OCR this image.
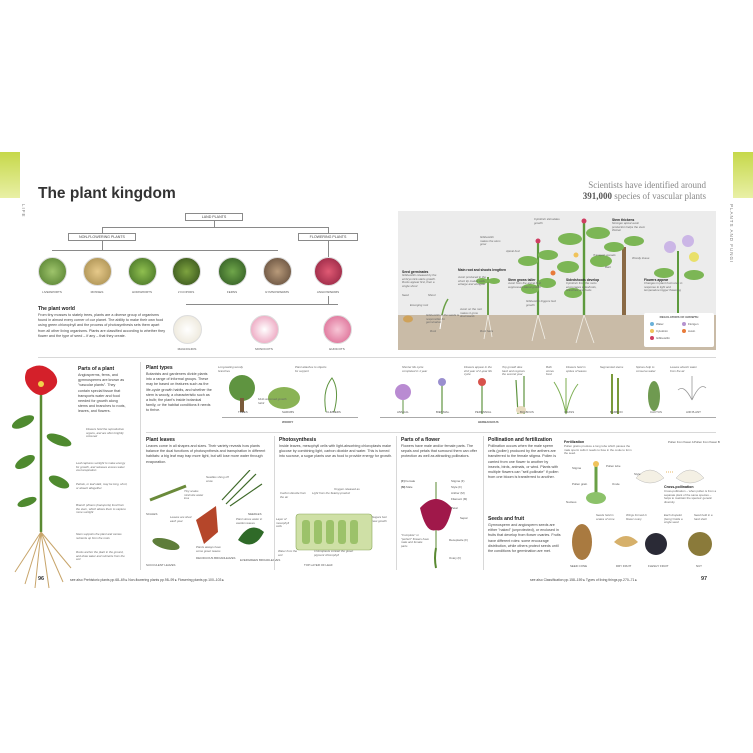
LIFE	PLANTS AND FUNGI
The plant kingdom	Scientists have identified around
391,000 species of vascular plants
LAND PLANTS
NON-FLOWERING PLANTS	FLOWERING PLANTS
LIVERWORTS	MOSSES	HORNWORTS	LYCOPODS	FERNS	GYMNOSPERMS	ANGIOSPERMS
MAGNOLIIDS	MONOCOTS	EUDICOTS
The plant world
From tiny mosses to stately trees, plants are a diverse group of organisms found in almost every corner of our planet. The ability to make their own food using green chlorophyll and the process of photosynthesis sets them apart from all other living organisms. Plants are classified according to whether they flower and the type of seed – if any – that they create.
Seed germinates
Gibberellin released by the embryo kick-starts growth. Roots appear first, then a single shoot
Main root and shoots lengthen
Auxin produced in the shoot tip makes cells enlarge and elongate
Stem grows taller
Auxin from the apical bud suppresses lateral growth
Sidedshoots develop
Cytokinin from the roots encourages sideshoots, branches, and buds
Stem thickens
Stronger apical auxin production helps the stem thicken
Flowers appear
Changes in plant hormones in response to light and temperature trigger flowering
Seed	Shoot
Root
Apical bud
Transport vessels
Bark
Woody tissue
Gibberellin makes the stem grow
Cytokinin stimulates growth
Auxin on the root makes it grow downwards
Root hairs
Gibberellin triggers bud growth
Emerging root
Gibberellin in the seeds is responsible for germination
REGULATORS OF GROWTH
Water
Cytokinin
Gibberellin
Florigen
Auxin
Parts of a plant
Angiosperms, ferns, and gymnosperms are known as "vascular plants". They contain special tissue that transports water and food needed for growth along stems and branches to roots, leaves, and flowers.
Flowers hold the reproductive organs, and are often brightly coloured
Leaf captures sunlight to make energy for growth, and releases excess water via transpiration
Petiole, or leaf stalk, may be long, short, or absent altogether
Branch phloem (transports) food from the stem, which allows them to capture more sunlight
Stem supports the plant and carries nutrients up from the roots
Roots anchor the plant in the ground, and draw water and nutrients from the soil
Plant types
Botanists and gardeners divide plants into a range of informal groups. These may be based on features such as the life-cycle growth habits, and whether the stem is woody, a characteristic such as a bulb; the plant's inside botanical family, or the habitat conditions it needs to thrive.	TREES	SHRUBS	CLIMBERS	ANNUAL	BIENNIAL	PERENNIAL	BULBOUS	GRASS	BAMBOO	CACTUS	AIR PLANT
WOODY	HERBACEOUS
Long-lasting woody branches
Plant attaches to objects for support
Multi-stemmed growth habit
Shorter life cycle completed in 1 year
Flowers appear in the 2nd year of 2-year life cycle
Top growth dies back and regrows the second year
Bulb stores food
Flowers held in spikes of leaves
Segmented stems	Spines help to conserve water
Leaves absorb water from the air
Plant leaves
Leaves come in all shapes and sizes. Their variety reveals how plants balance the dual functions of photosynthesis and transpiration in different habitats: a big leaf may trap more light, but will lose more water through evaporation.
SCALES	NEEDLES
DECIDUOUS BROADLEAVES
SUCCULENT LEAVES
EVERGREEN BROADLEAVES
Needles shrug off snow
Tiny scales minimize water loss
Leaves are shed each year	Plant stores water in swollen leaves
Plants always have some green leaves
Photosynthesis
Inside leaves, mesophyll cells with light-absorbing chloroplasts make glucose by combining light, carbon dioxide and water. This is turned into sucrose, a sugar plants use as food to provide energy for growth.
Carbon dioxide from the air
Light from the Sun
Oxygen released as a by-product
Layer of mesophyll cells
Sugars fuel new growth
Water from the soil
Chloroplasts contain the green pigment chlorophyll
TOP LAYER OF LEAF
Parts of a flower
Flowers have male and/or female parts. The sepals and petals that surround them can offer protection as well as attracting pollinators.
(F) Female
(M) Male
Stigma (F)
Style (F)
Anther (M)
Filament (M)
Petal
Sepal
Receptacle (F)
Ovary (F)
"Complete" or "perfect" flowers have male and female parts
Pollination and fertilization
Pollination occurs when the male sperm cells (pollen) produced by the anthers are transferred to the female stigma. Pollen is carried from one flower to another by insects, birds, animals, or wind. Plants with multiple flowers can "self-pollinate" if pollen from one bloom is transferred to another.
Fertilization
Pollen grains produce a long tube which passes the male sperm cells it needs to fuse in the ovule to form the seed.
Stigma	Pollen tube
Style
Pollen grain	Ovule
Nucleus
Pollen from flower A Pollen from flower B
Cross-pollination
Cross-pollination – when pollen is from a separate plant of the same species – helps to maintain the species' genetic diversity.
Seeds and fruit
Gymnosperm and angiosperm seeds are either "naked" (unprotected), or enclosed in fruits that develop from flower ovaries. Fruits have different roles: some encourage distribution, while others protect seeds until the conditions for germination are met.
SEED CONE	DRY FRUIT	FLESHY FRUIT	NUT
Seeds held in scales of cone
Wings formed in flower ovary
Each drupelet (berry) holds a single seed
Seed held in a hard shell
see also Prehistoric plants pp.68–69 ▸ Non-flowering plants pp.98–99 ▸ Flowering plants pp.100–103 ▸	see also Classification pp.158–159 ▸ Types of living things pp.270–71 ▸
96	97
